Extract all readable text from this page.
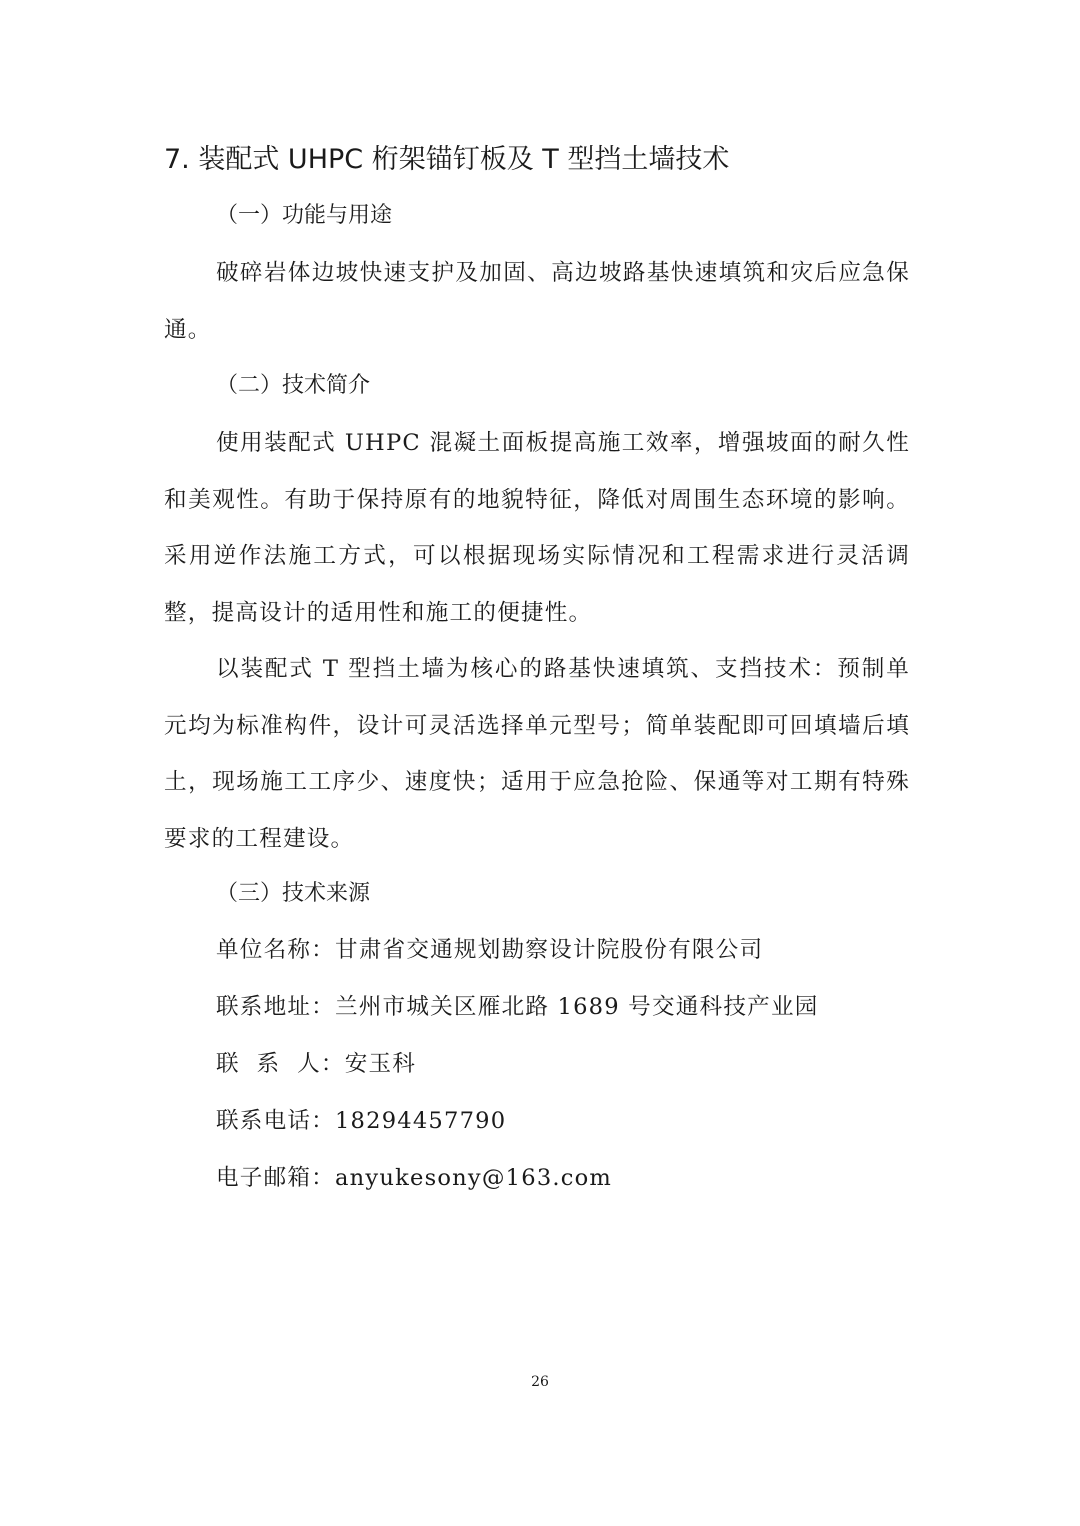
7. 装配式 UHPC 桁架锚钉板及 T 型挡土墙技术
（一）功能与用途
破碎岩体边坡快速支护及加固、高边坡路基快速填筑和灾后应急保通。
（二）技术简介
使用装配式 UHPC 混凝土面板提高施工效率，增强坡面的耐久性和美观性。有助于保持原有的地貌特征，降低对周围生态环境的影响。采用逆作法施工方式，可以根据现场实际情况和工程需求进行灵活调整，提高设计的适用性和施工的便捷性。
以装配式 T 型挡土墙为核心的路基快速填筑、支挡技术：预制单元均为标准构件，设计可灵活选择单元型号；简单装配即可回填墙后填土，现场施工工序少、速度快；适用于应急抢险、保通等对工期有特殊要求的工程建设。
（三）技术来源
单位名称：甘肃省交通规划勘察设计院股份有限公司
联系地址：兰州市城关区雁北路 1689 号交通科技产业园
联  系  人：安玉科
联系电话：18294457790
电子邮箱：anyukesony@163.com
26
